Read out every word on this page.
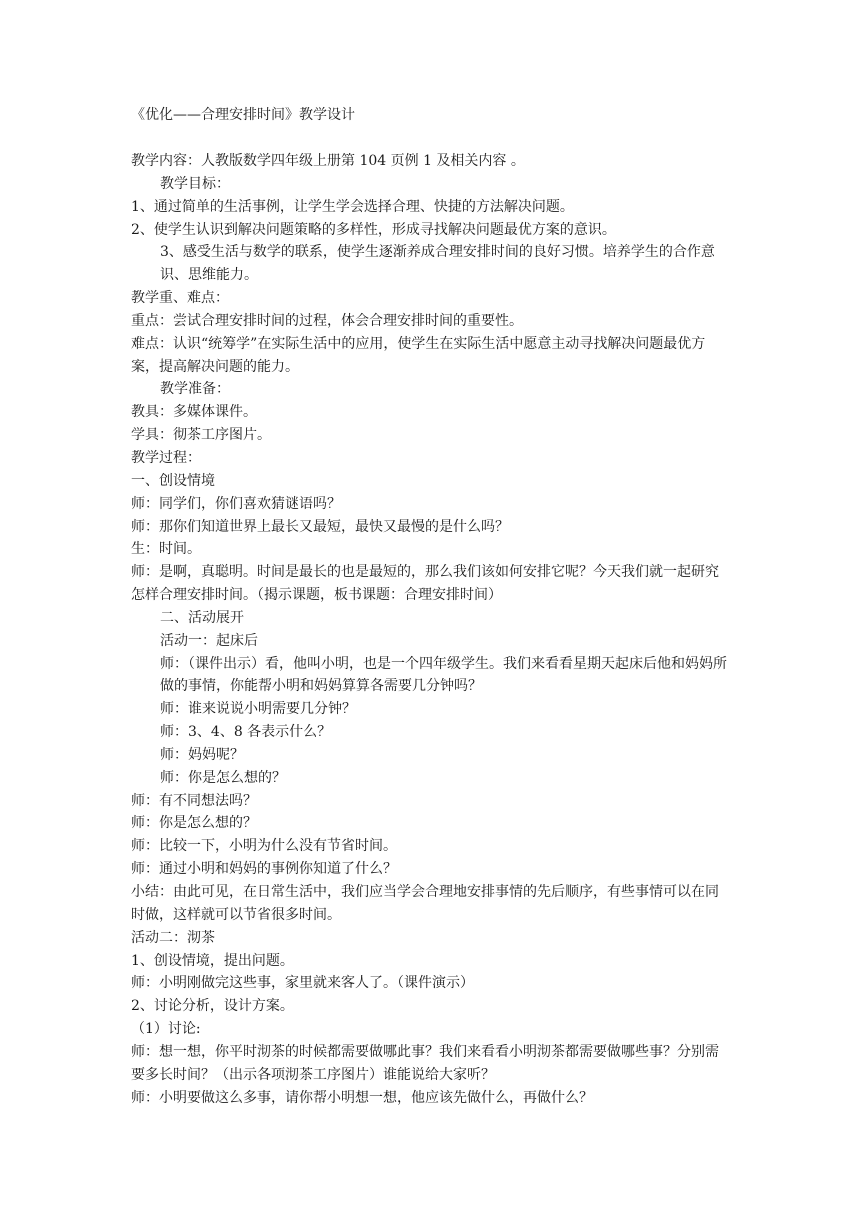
《优化——合理安排时间》教学设计
教学内容：人教版数学四年级上册第 104 页例 1 及相关内容 。
教学目标：
1、通过简单的生活事例，让学生学会选择合理、快捷的方法解决问题。
2、使学生认识到解决问题策略的多样性，形成寻找解决问题最优方案的意识。
3、感受生活与数学的联系，使学生逐渐养成合理安排时间的良好习惯。培养学生的合作意识、思维能力。
教学重、难点：
重点：尝试合理安排时间的过程，体会合理安排时间的重要性。
难点：认识“统筹学”在实际生活中的应用，使学生在实际生活中愿意主动寻找解决问题最优方案，提高解决问题的能力。
教学准备：
教具：多媒体课件。
学具：彻茶工序图片。
教学过程：
一、创设情境
师：同学们，你们喜欢猜谜语吗？
师：那你们知道世界上最长又最短，最快又最慢的是什么吗？
生：时间。
师：是啊，真聪明。时间是最长的也是最短的，那么我们该如何安排它呢？今天我们就一起研究怎样合理安排时间。（揭示课题，板书课题：合理安排时间）
二、活动展开
活动一：起床后
师：（课件出示）看，他叫小明，也是一个四年级学生。我们来看看星期天起床后他和妈妈所做的事情，你能帮小明和妈妈算算各需要几分钟吗？
师：谁来说说小明需要几分钟？
师：3、4、8 各表示什么？
师：妈妈呢？
师：你是怎么想的？
师：有不同想法吗？
师：你是怎么想的？
师：比较一下，小明为什么没有节省时间。
师：通过小明和妈妈的事例你知道了什么？
小结：由此可见，在日常生活中，我们应当学会合理地安排事情的先后顺序，有些事情可以在同时做，这样就可以节省很多时间。
活动二：沏茶
1、创设情境，提出问题。
师：小明刚做完这些事，家里就来客人了。（课件演示）
2、讨论分析，设计方案。
（1）讨论:
师：想一想，你平时沏茶的时候都需要做哪此事？我们来看看小明沏茶都需要做哪些事？分别需要多长时间？（出示各项沏茶工序图片）谁能说给大家听？
师：小明要做这么多事，请你帮小明想一想，他应该先做什么，再做什么？
